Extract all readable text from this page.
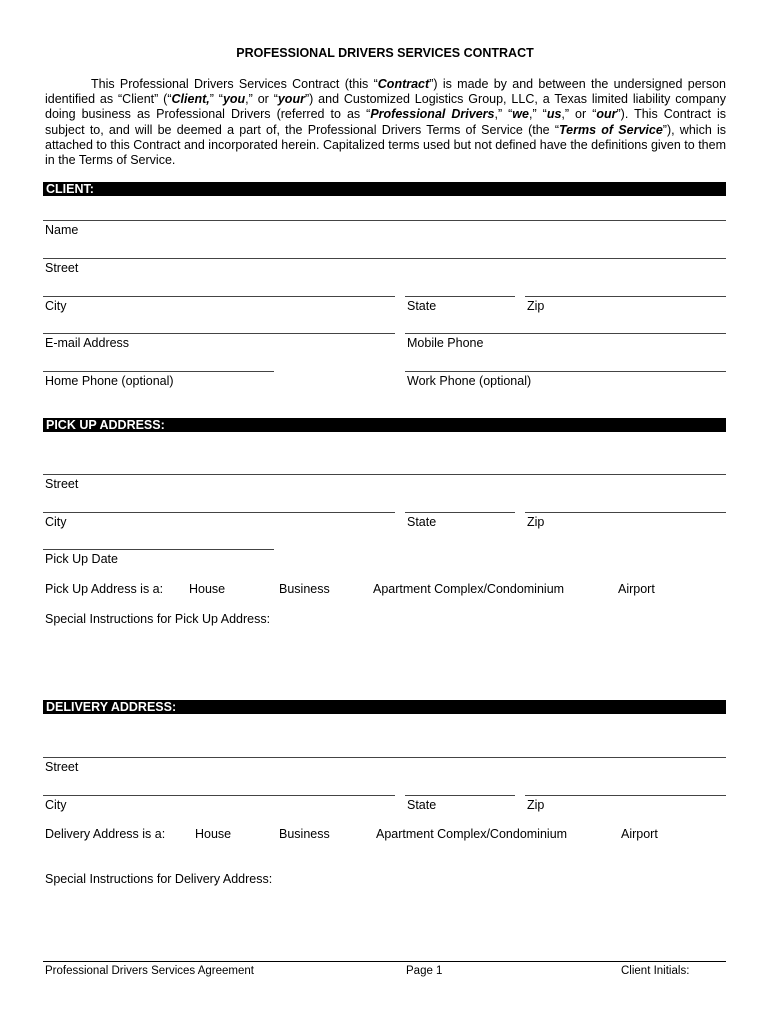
PROFESSIONAL DRIVERS SERVICES CONTRACT
This Professional Drivers Services Contract (this “Contract”) is made by and between the undersigned person identified as “Client” (“Client,” “you,” or “your”) and Customized Logistics Group, LLC, a Texas limited liability company doing business as Professional Drivers (referred to as “Professional Drivers,” “we,” “us,” or “our”). This Contract is subject to, and will be deemed a part of, the Professional Drivers Terms of Service (the “Terms of Service”), which is attached to this Contract and incorporated herein. Capitalized terms used but not defined have the definitions given to them in the Terms of Service.
CLIENT:
Name
Street
City	State	Zip
E-mail Address	Mobile Phone
Home Phone (optional)	Work Phone (optional)
PICK UP ADDRESS:
Street
City	State	Zip
Pick Up Date
Pick Up Address is a: House	Business	Apartment Complex/Condominium	Airport
Special Instructions for Pick Up Address:
DELIVERY ADDRESS:
Street
City	State	Zip
Delivery Address is a: House	Business	Apartment Complex/Condominium	Airport
Special Instructions for Delivery Address:
Professional Drivers Services Agreement	Page 1	Client Initials:
